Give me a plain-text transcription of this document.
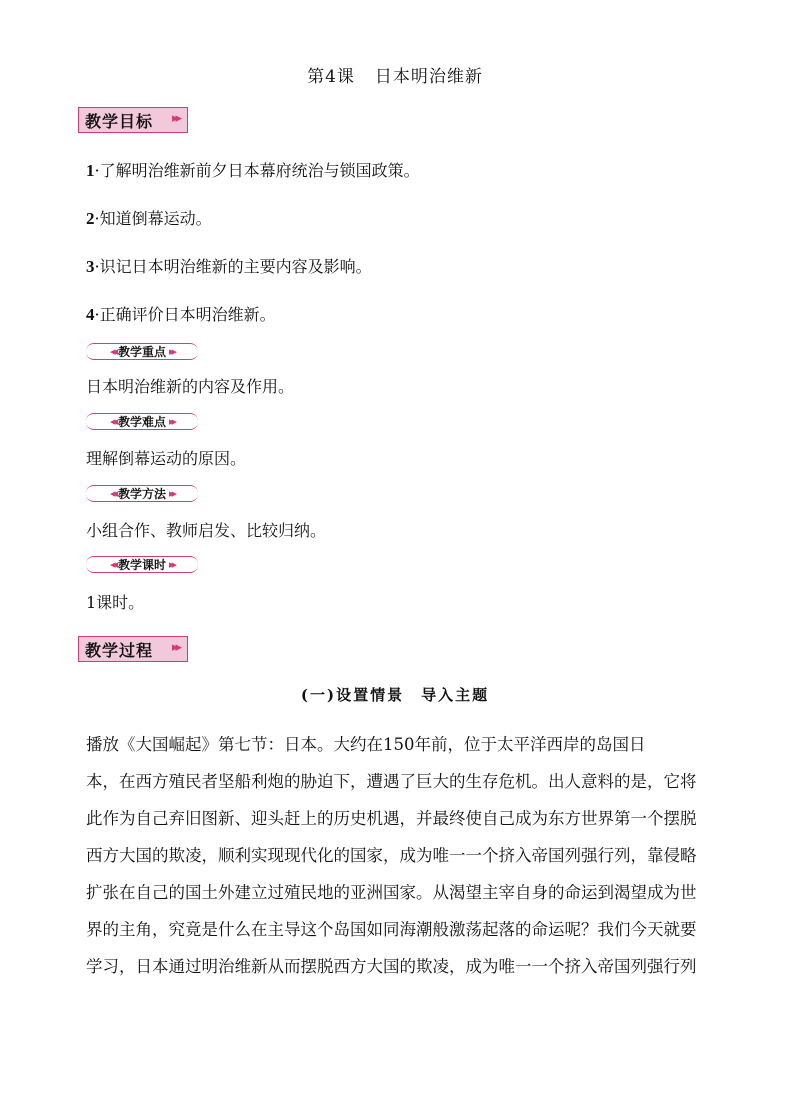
第4课 日本明治维新
教学目标 ▸▸
1·了解明治维新前夕日本幕府统治与锁国政策。
2·知道倒幕运动。
3·识记日本明治维新的主要内容及影响。
4·正确评价日本明治维新。
◂◂ 教学重点 ▸▸
日本明治维新的内容及作用。
◂◂ 教学难点 ▸▸
理解倒幕运动的原因。
◂◂ 教学方法 ▸▸
小组合作、教师启发、比较归纳。
◂◂ 教学课时 ▸▸
1课时。
教学过程 ▸▸
(一)设置情景　导入主题
播放《大国崛起》第七节：日本。大约在150年前，位于太平洋西岸的岛国日
本，在西方殖民者坚船利炮的胁迫下，遭遇了巨大的生存危机。出人意料的是，它将
此作为自己弃旧图新、迎头赶上的历史机遇，并最终使自己成为东方世界第一个摆脱
西方大国的欺凌，顺利实现现代化的国家，成为唯一一个挤入帝国列强行列，靠侵略
扩张在自己的国土外建立过殖民地的亚洲国家。从渴望主宰自身的命运到渴望成为世
界的主角，究竟是什么在主导这个岛国如同海潮般激荡起落的命运呢？我们今天就要
学习，日本通过明治维新从而摆脱西方大国的欺凌，成为唯一一个挤入帝国列强行列
